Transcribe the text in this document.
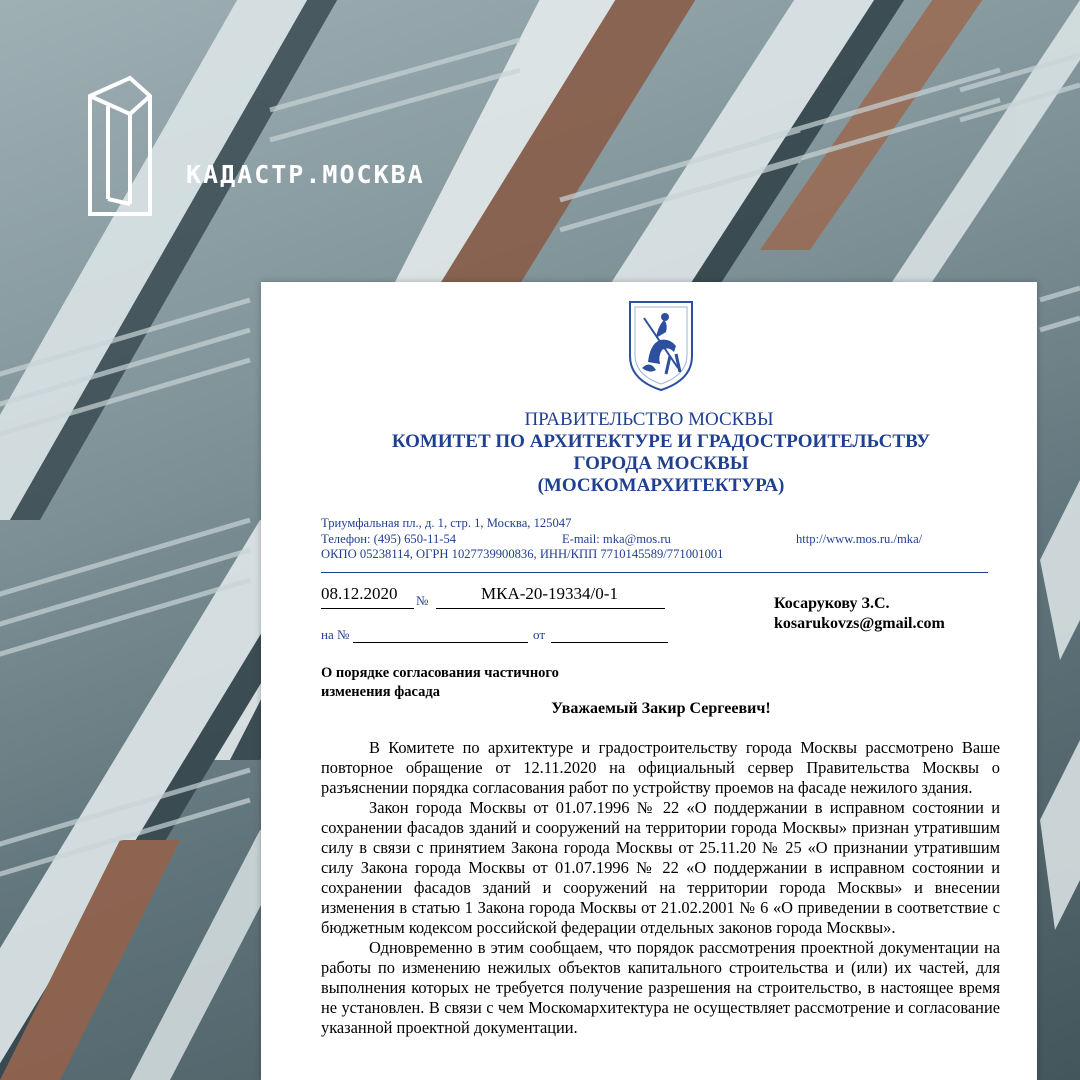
КАДАСТР.МОСКВА
ПРАВИТЕЛЬСТВО МОСКВЫ
КОМИТЕТ ПО АРХИТЕКТУРЕ И ГРАДОСТРОИТЕЛЬСТВУ
ГОРОДА МОСКВЫ
(МОСКОМАРХИТЕКТУРА)
Триумфальная пл., д. 1, стр. 1, Москва, 125047
Телефон: (495) 650-11-54	E-mail: mka@mos.ru	http://www.mos.ru./mka/
ОКПО 05238114, ОГРН 1027739900836, ИНН/КПП 7710145589/771001001
08.12.2020 №	МКА-20-19334/0-1
на №	от
Косарукову З.С.
kosarukovzs@gmail.com
О порядке согласования частичного
изменения фасада
Уважаемый Закир Сергеевич!

В Комитете по архитектуре и градостроительству города Москвы рассмотрено Ваше повторное обращение от 12.11.2020 на официальный сервер Правительства Москвы о разъяснении порядка согласования работ по устройству проемов на фасаде нежилого здания.

Закон города Москвы от 01.07.1996 № 22 «О поддержании в исправном состоянии и сохранении фасадов зданий и сооружений на территории города Москвы» признан утратившим силу в связи с принятием Закона города Москвы от 25.11.20 № 25 «О признании утратившим силу Закона города Москвы от 01.07.1996 № 22 «О поддержании в исправном состоянии и сохранении фасадов зданий и сооружений на территории города Москвы» и внесении изменения в статью 1 Закона города Москвы от 21.02.2001 № 6 «О приведении в соответствие с бюджетным кодексом российской федерации отдельных законов города Москвы».

Одновременно в этим сообщаем, что порядок рассмотрения проектной документации на работы по изменению нежилых объектов капитального строительства и (или) их частей, для выполнения которых не требуется получение разрешения на строительство, в настоящее время не установлен. В связи с чем Москомархитектура не осуществляет рассмотрение и согласование указанной проектной документации.
